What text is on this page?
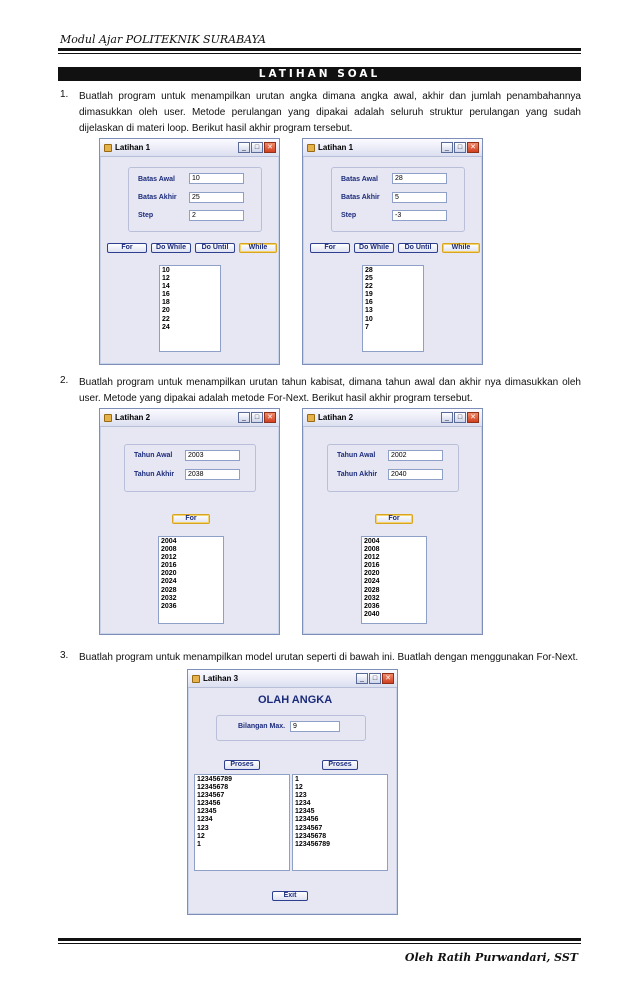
Modul Ajar POLITEKNIK SURABAYA
LATIHAN SOAL
1.	Buatlah program untuk menampilkan urutan angka dimana angka awal, akhir dan jumlah penambahannya dimasukkan oleh user. Metode perulangan yang dipakai adalah seluruh struktur perulangan yang sudah dijelaskan di materi loop. Berikut hasil akhir program tersebut.
Latihan 1	_	□	✕
Batas Awal	10
Batas Akhir	25
Step	2
For	Do While	Do Until	While
10
12
14
16
18
20
22
24
Latihan 1	_	□	✕
Batas Awal	28
Batas Akhir	5
Step	-3
For	Do While	Do Until	While
28
25
22
19
16
13
10
7
2.	Buatlah program untuk menampilkan urutan tahun kabisat, dimana tahun awal dan akhir nya dimasukkan oleh user. Metode yang dipakai adalah metode For-Next. Berikut hasil akhir program tersebut.
Latihan 2	_	□	✕
Tahun Awal	2003
Tahun Akhir	2038
For
2004
2008
2012
2016
2020
2024
2028
2032
2036
Latihan 2	_	□	✕
Tahun Awal	2002
Tahun Akhir	2040
For
2004
2008
2012
2016
2020
2024
2028
2032
2036
2040
3.	Buatlah program untuk menampilkan model urutan seperti di bawah ini. Buatlah dengan menggunakan For-Next.
Latihan 3	_	□	✕
OLAH ANGKA
Bilangan Max.	9
Proses	Proses
123456789
12345678
1234567
123456
12345
1234
123
12
1
1
12
123
1234
12345
123456
1234567
12345678
123456789
Exit
Oleh Ratih Purwandari, SST
